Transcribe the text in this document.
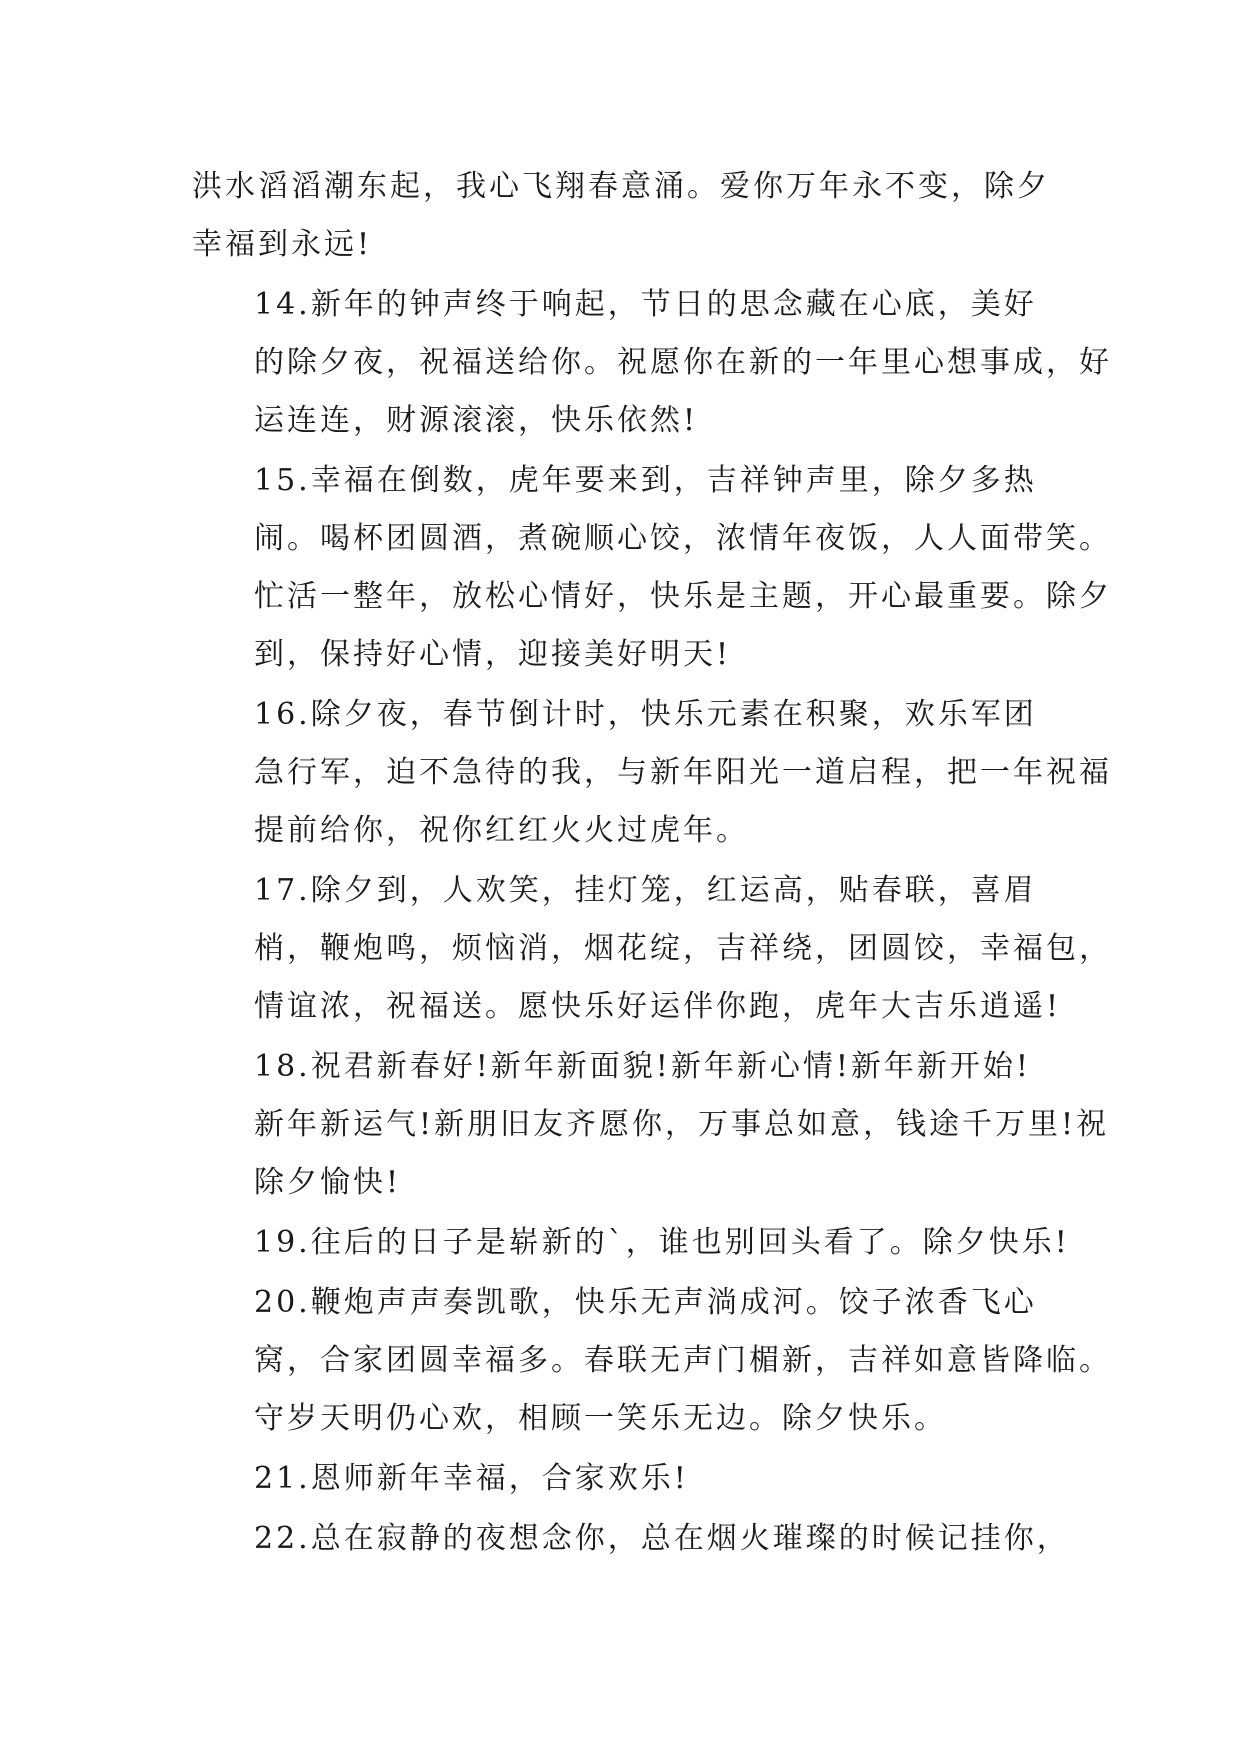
洪水滔滔潮东起，我心飞翔春意涌。爱你万年永不变，除夕
幸福到永远!

14.新年的钟声终于响起，节日的思念藏在心底，美好
的除夕夜，祝福送给你。祝愿你在新的一年里心想事成，好
运连连，财源滚滚，快乐依然!

15.幸福在倒数，虎年要来到，吉祥钟声里，除夕多热
闹。喝杯团圆酒，煮碗顺心饺，浓情年夜饭，人人面带笑。
忙活一整年，放松心情好，快乐是主题，开心最重要。除夕
到，保持好心情，迎接美好明天!

16.除夕夜，春节倒计时，快乐元素在积聚，欢乐军团
急行军，迫不急待的我，与新年阳光一道启程，把一年祝福
提前给你，祝你红红火火过虎年。

17.除夕到，人欢笑，挂灯笼，红运高，贴春联，喜眉
梢，鞭炮鸣，烦恼消，烟花绽，吉祥绕，团圆饺，幸福包，
情谊浓，祝福送。愿快乐好运伴你跑，虎年大吉乐逍遥!

18.祝君新春好!新年新面貌!新年新心情!新年新开始!
新年新运气!新朋旧友齐愿你，万事总如意，钱途千万里!祝
除夕愉快!

19.往后的日子是崭新的`，谁也别回头看了。除夕快乐!

20.鞭炮声声奏凯歌，快乐无声淌成河。饺子浓香飞心
窝，合家团圆幸福多。春联无声门楣新，吉祥如意皆降临。
守岁天明仍心欢，相顾一笑乐无边。除夕快乐。

21.恩师新年幸福，合家欢乐!

22.总在寂静的夜想念你，总在烟火璀璨的时候记挂你，
